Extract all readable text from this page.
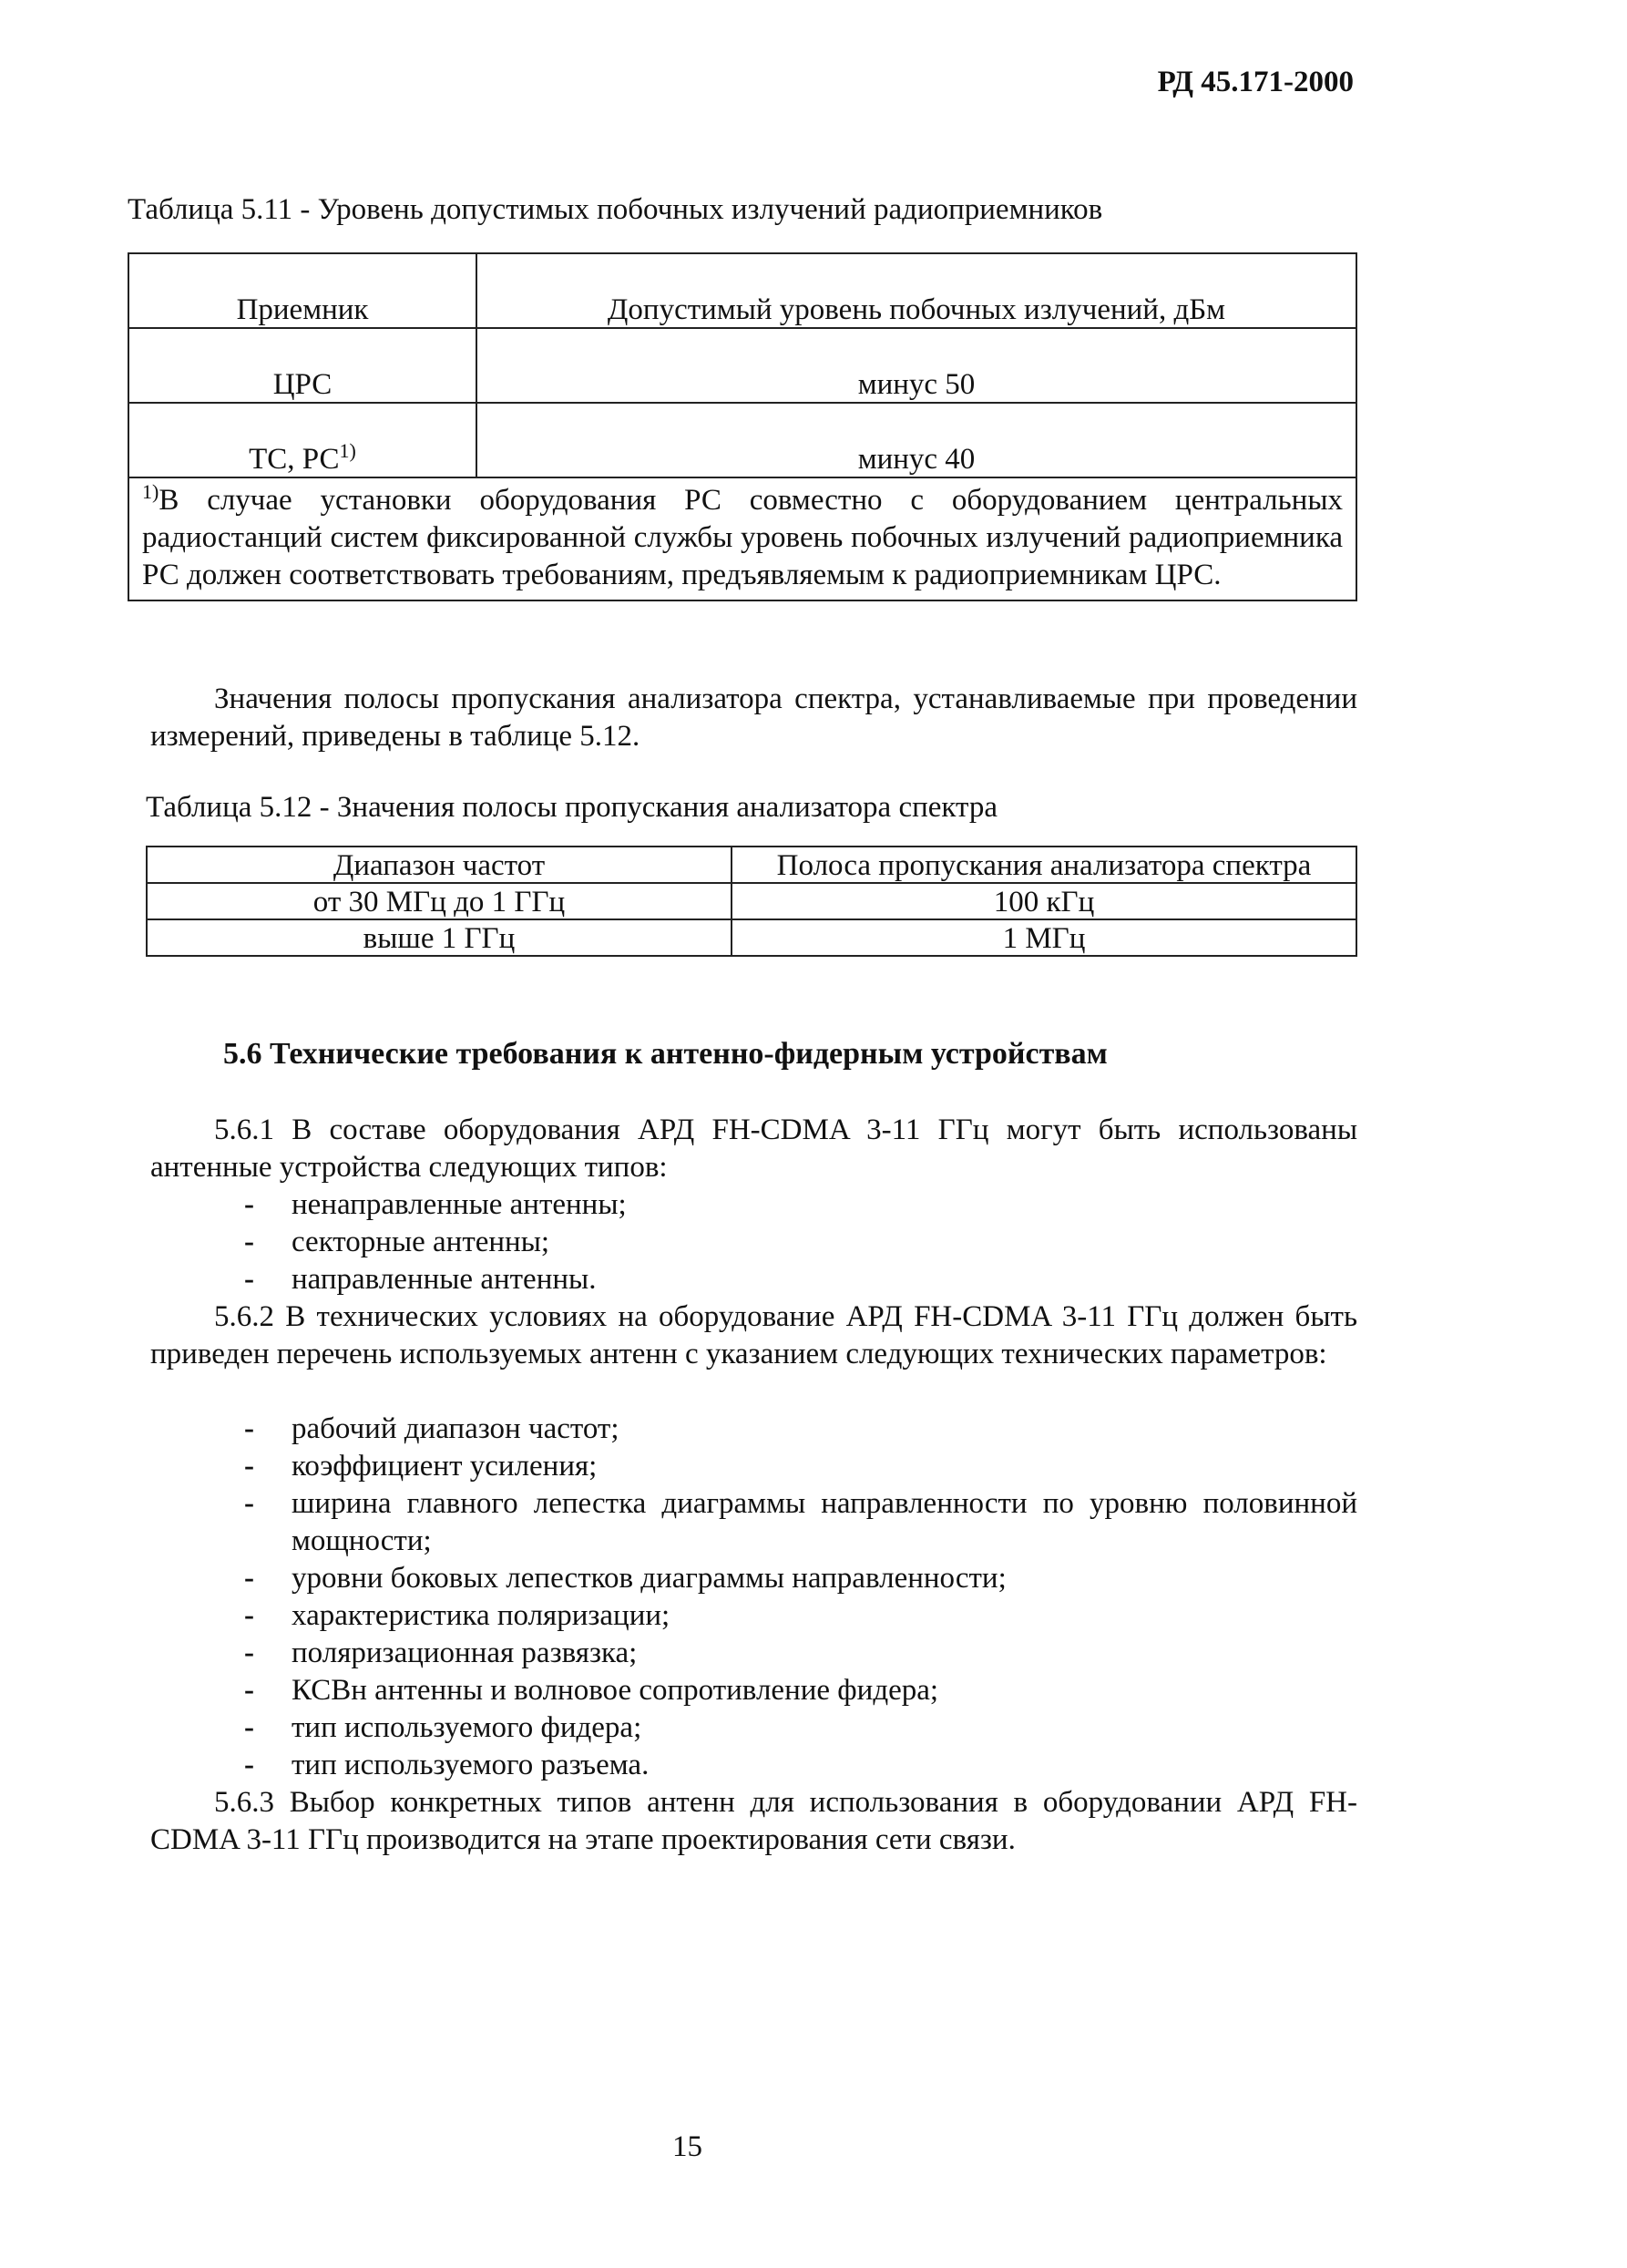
РД 45.171-2000
Таблица 5.11 - Уровень допустимых побочных излучений радиоприемников
Приемник	Допустимый уровень побочных излучений, дБм
ЦРС	минус 50
ТС, РС$^{1)}$	минус 40
$^{1)}$В случае установки оборудования РС совместно с оборудованием центральных радиостанций систем фиксированной службы уровень побочных излучений радиоприемника РС должен соответствовать требованиям, предъявляемым к радиоприемникам ЦРС.	
Значения полосы пропускания анализатора спектра, устанавливаемые при проведении измерений, приведены в таблице 5.12.
Таблица 5.12 - Значения полосы пропускания анализатора спектра
Диапазон частот	Полоса пропускания анализатора спектра
от 30 МГц до 1 ГГц	100 кГц
выше 1 ГГц	1 МГц
5.6 Технические требования к антенно-фидерным устройствам
5.6.1 В составе оборудования АРД FH-CDMA 3-11 ГГц могут быть использованы антенные устройства следующих типов:
- ненаправленные антенны;
- секторные антенны;
- направленные антенны.
5.6.2 В технических условиях на оборудование АРД FH-CDMA 3-11 ГГц должен быть приведен перечень используемых антенн с указанием следующих технических параметров:
- рабочий диапазон частот;
- коэффициент усиления;
- ширина главного лепестка диаграммы направленности по уровню половинной мощности;
- уровни боковых лепестков диаграммы направленности;
- характеристика поляризации;
- поляризационная развязка;
- КСВн антенны и волновое сопротивление фидера;
- тип используемого фидера;
- тип используемого разъема.
5.6.3 Выбор конкретных типов антенн для использования в оборудовании АРД FH-CDMA 3-11 ГГц производится на этапе проектирования сети связи.
15
